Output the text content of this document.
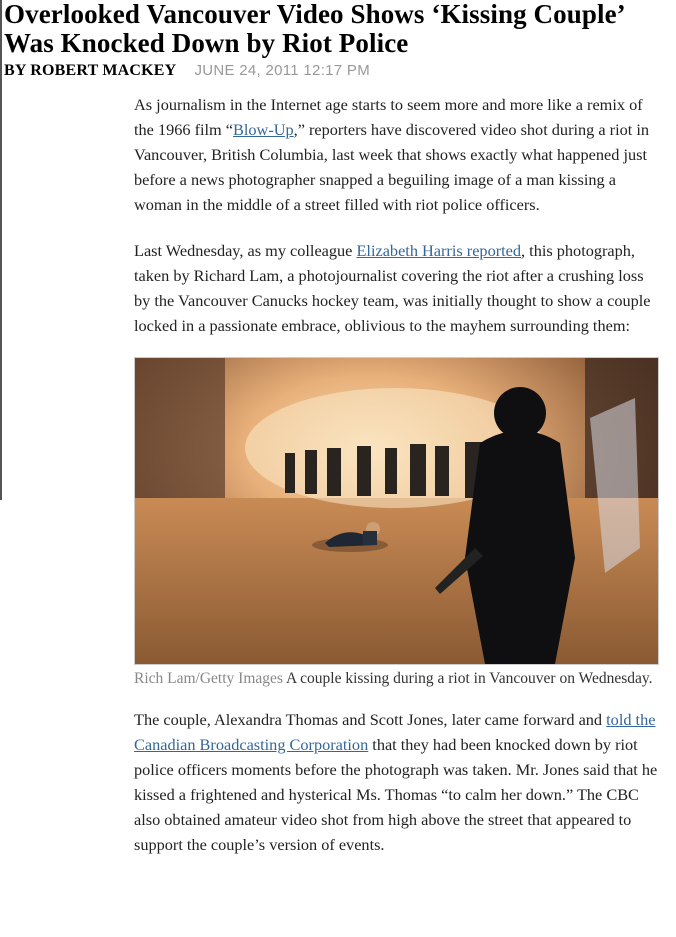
Overlooked Vancouver Video Shows ‘Kissing Couple’ Was Knocked Down by Riot Police
BY ROBERT MACKEY JUNE 24, 2011 12:17 PM

As journalism in the Internet age starts to seem more and more like a remix of the 1966 film “Blow-Up,” reporters have discovered video shot during a riot in Vancouver, British Columbia, last week that shows exactly what happened just before a news photographer snapped a beguiling image of a man kissing a woman in the middle of a street filled with riot police officers.

Last Wednesday, as my colleague Elizabeth Harris reported, this photograph, taken by Richard Lam, a photojournalist covering the riot after a crushing loss by the Vancouver Canucks hockey team, was initially thought to show a couple locked in a passionate embrace, oblivious to the mayhem surrounding them:

Rich Lam/Getty Images A couple kissing during a riot in Vancouver on Wednesday.

The couple, Alexandra Thomas and Scott Jones, later came forward and told the Canadian Broadcasting Corporation that they had been knocked down by riot police officers moments before the photograph was taken. Mr. Jones said that he kissed a frightened and hysterical Ms. Thomas “to calm her down.” The CBC also obtained amateur video shot from high above the street that appeared to support the couple’s version of events.
